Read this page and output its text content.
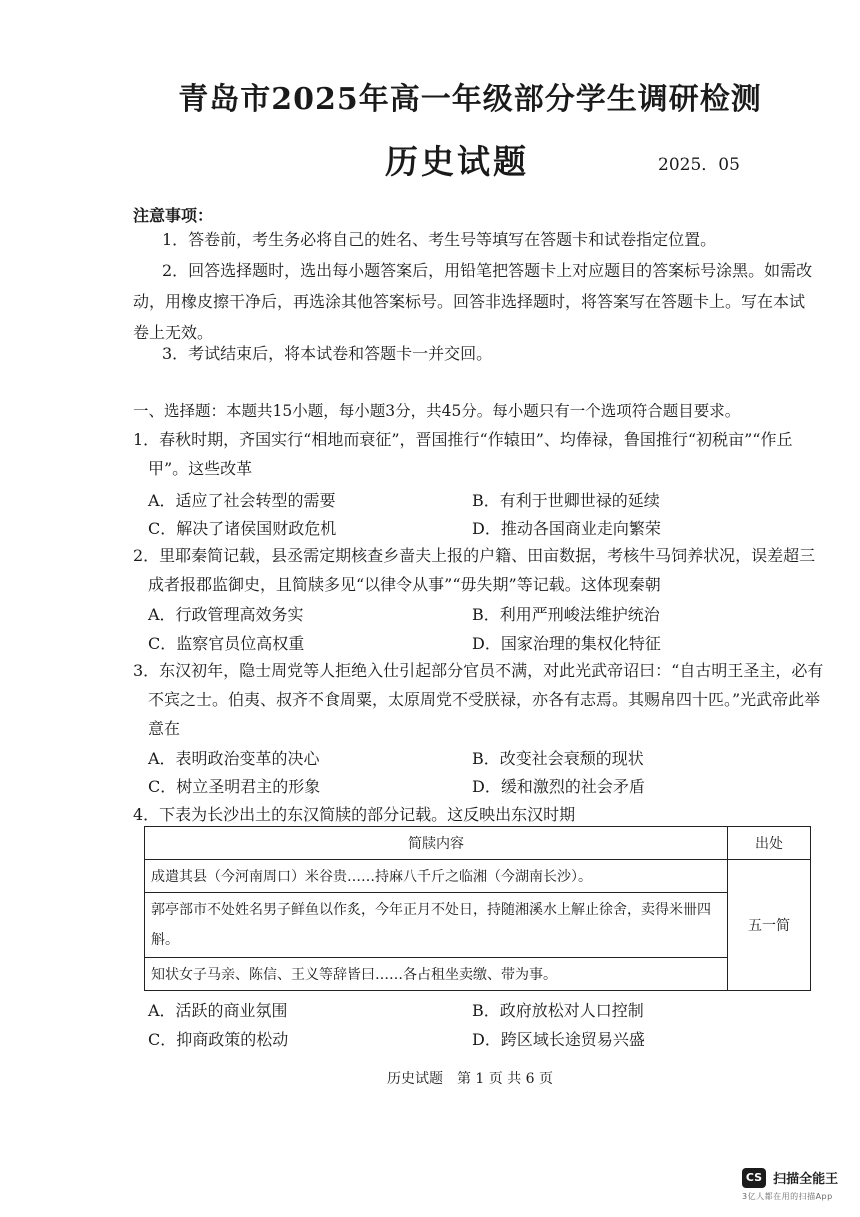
青岛市2025年高一年级部分学生调研检测
历史试题	2025．05
注意事项：
1．答卷前，考生务必将自己的姓名、考生号等填写在答题卡和试卷指定位置。
2．回答选择题时，选出每小题答案后，用铅笔把答题卡上对应题目的答案标号涂黑。如需改动，用橡皮擦干净后，再选涂其他答案标号。回答非选择题时，将答案写在答题卡上。写在本试卷上无效。
3．考试结束后，将本试卷和答题卡一并交回。
一、选择题：本题共15小题，每小题3分，共45分。每小题只有一个选项符合题目要求。
1．春秋时期，齐国实行“相地而衰征”，晋国推行“作辕田”、均俸禄，鲁国推行“初税亩”“作丘甲”。这些改革
A．适应了社会转型的需要	B．有利于世卿世禄的延续
C．解决了诸侯国财政危机	D．推动各国商业走向繁荣
2．里耶秦简记载，县丞需定期核查乡啬夫上报的户籍、田亩数据，考核牛马饲养状况，误差超三成者报郡监御史，且简牍多见“以律令从事”“毋失期”等记载。这体现秦朝
A．行政管理高效务实	B．利用严刑峻法维护统治
C．监察官员位高权重	D．国家治理的集权化特征
3．东汉初年，隐士周党等人拒绝入仕引起部分官员不满，对此光武帝诏曰：“自古明王圣主，必有不宾之士。伯夷、叔齐不食周粟，太原周党不受朕禄，亦各有志焉。其赐帛四十匹。”光武帝此举意在
A．表明政治变革的决心	B．改变社会衰颓的现状
C．树立圣明君主的形象	D．缓和激烈的社会矛盾
4．下表为长沙出土的东汉简牍的部分记载。这反映出东汉时期
简牍内容	出处
成遣其县（今河南周口）米谷贵……持麻八千斤之临湘（今湖南长沙）。	五一简
郭亭部市不处姓名男子鲜鱼以作炙，今年正月不处日，持随湘溪水上解止徐舍，卖得米卌四斛。	
知状女子马亲、陈信、王义等辞皆曰……各占租坐卖缴、带为事。	
A．活跃的商业氛围	B．政府放松对人口控制
C．抑商政策的松动	D．跨区域长途贸易兴盛
历史试题　第 1 页 共 6 页
CS 扫描全能王
3亿人都在用的扫描App
